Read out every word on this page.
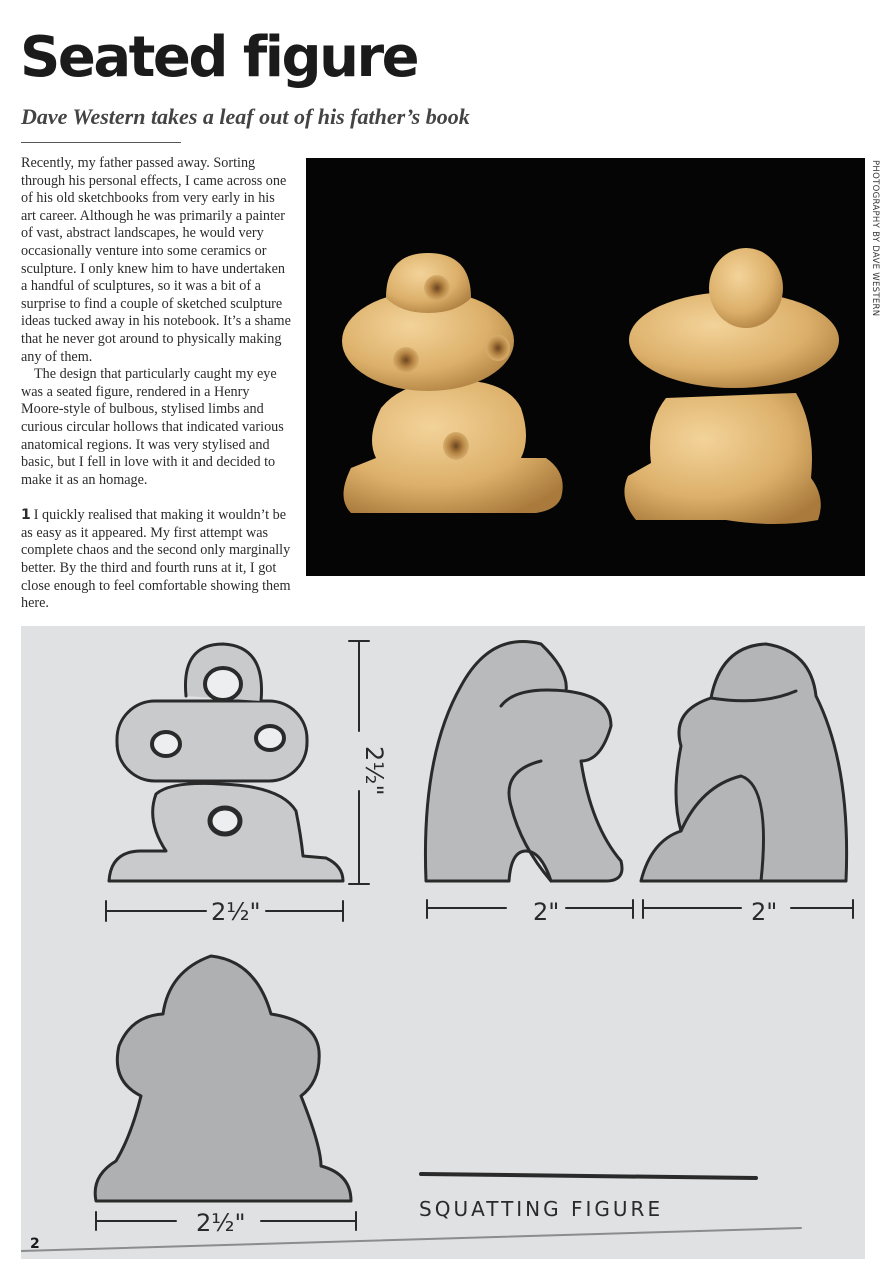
Seated figure
Dave Western takes a leaf out of his father’s book

Recently, my father passed away. Sorting through his personal effects, I came across one of his old sketchbooks from very early in his art career. Although he was primarily a painter of vast, abstract landscapes, he would very occasionally venture into some ceramics or sculpture. I only knew him to have undertaken a handful of sculptures, so it was a bit of a surprise to find a couple of sketched sculpture ideas tucked away in his notebook. It’s a shame that he never got around to physically making any of them.

The design that particularly caught my eye was a seated figure, rendered in a Henry Moore-style of bulbous, stylised limbs and curious circular hollows that indicated various anatomical regions. It was very stylised and basic, but I fell in love with it and decided to make it as an homage.

1 I quickly realised that making it wouldn’t be as easy as it appeared. My first attempt was complete chaos and the second only marginally better. By the third and fourth runs at it, I got close enough to feel comfortable showing them here.

PHOTOGRAPHY BY DAVE WESTERN
2½"	2"	2"
2½"
2½"
SQUATTING FIGURE
2
